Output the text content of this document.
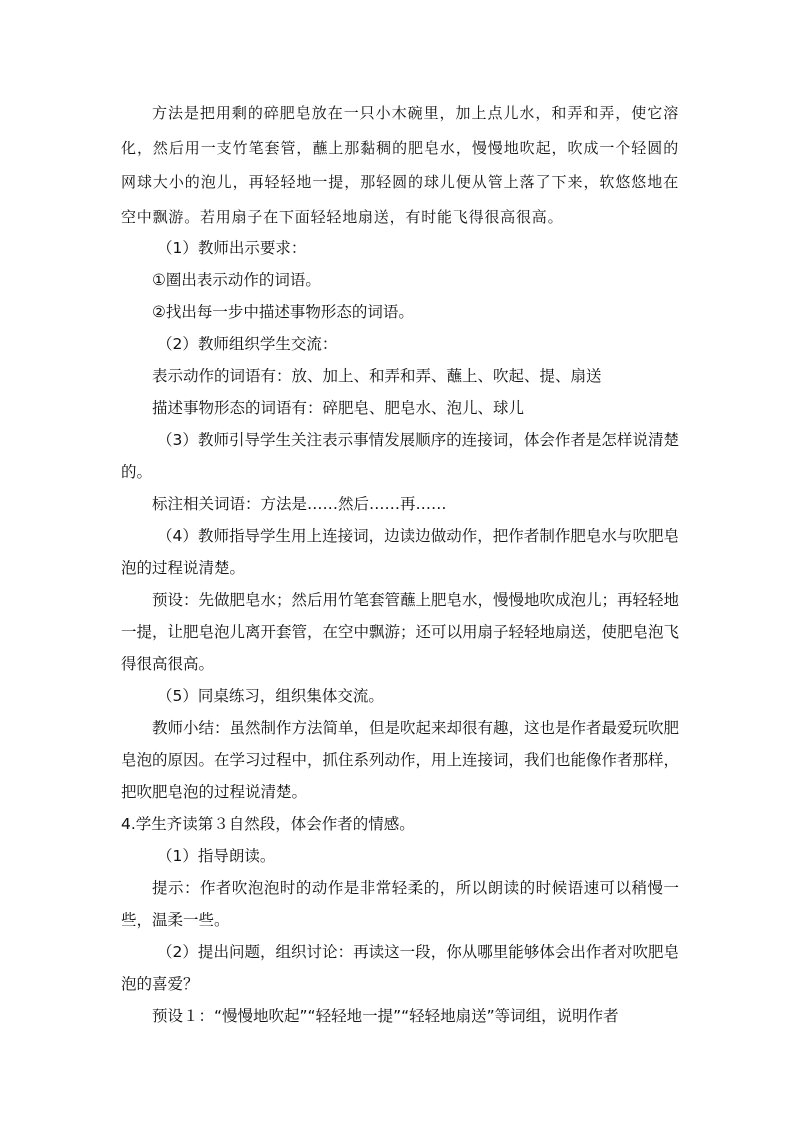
方法是把用剩的碎肥皂放在一只小木碗里，加上点儿水，和弄和弄，使它溶化，然后用一支竹笔套管，蘸上那黏稠的肥皂水，慢慢地吹起，吹成一个轻圆的网球大小的泡儿，再轻轻地一提，那轻圆的球儿便从管上落了下来，软悠悠地在空中飘游。若用扇子在下面轻轻地扇送，有时能飞得很高很高。

（1）教师出示要求：

①圈出表示动作的词语。

②找出每一步中描述事物形态的词语。

（2）教师组织学生交流：

表示动作的词语有：放、加上、和弄和弄、蘸上、吹起、提、扇送

描述事物形态的词语有：碎肥皂、肥皂水、泡儿、球儿

（3）教师引导学生关注表示事情发展顺序的连接词，体会作者是怎样说清楚的。

标注相关词语：方法是……然后……再……

（4）教师指导学生用上连接词，边读边做动作，把作者制作肥皂水与吹肥皂泡的过程说清楚。

预设：先做肥皂水；然后用竹笔套管蘸上肥皂水，慢慢地吹成泡儿；再轻轻地一提，让肥皂泡儿离开套管，在空中飘游；还可以用扇子轻轻地扇送，使肥皂泡飞得很高很高。

（5）同桌练习，组织集体交流。

教师小结：虽然制作方法简单，但是吹起来却很有趣，这也是作者最爱玩吹肥皂泡的原因。在学习过程中，抓住系列动作，用上连接词，我们也能像作者那样，把吹肥皂泡的过程说清楚。

4.学生齐读第３自然段，体会作者的情感。

（1）指导朗读。

提示：作者吹泡泡时的动作是非常轻柔的，所以朗读的时候语速可以稍慢一些，温柔一些。

（2）提出问题，组织讨论：再读这一段，你从哪里能够体会出作者对吹肥皂泡的喜爱？

预设１：“慢慢地吹起”“轻轻地一提”“轻轻地扇送”等词组，说明作者
